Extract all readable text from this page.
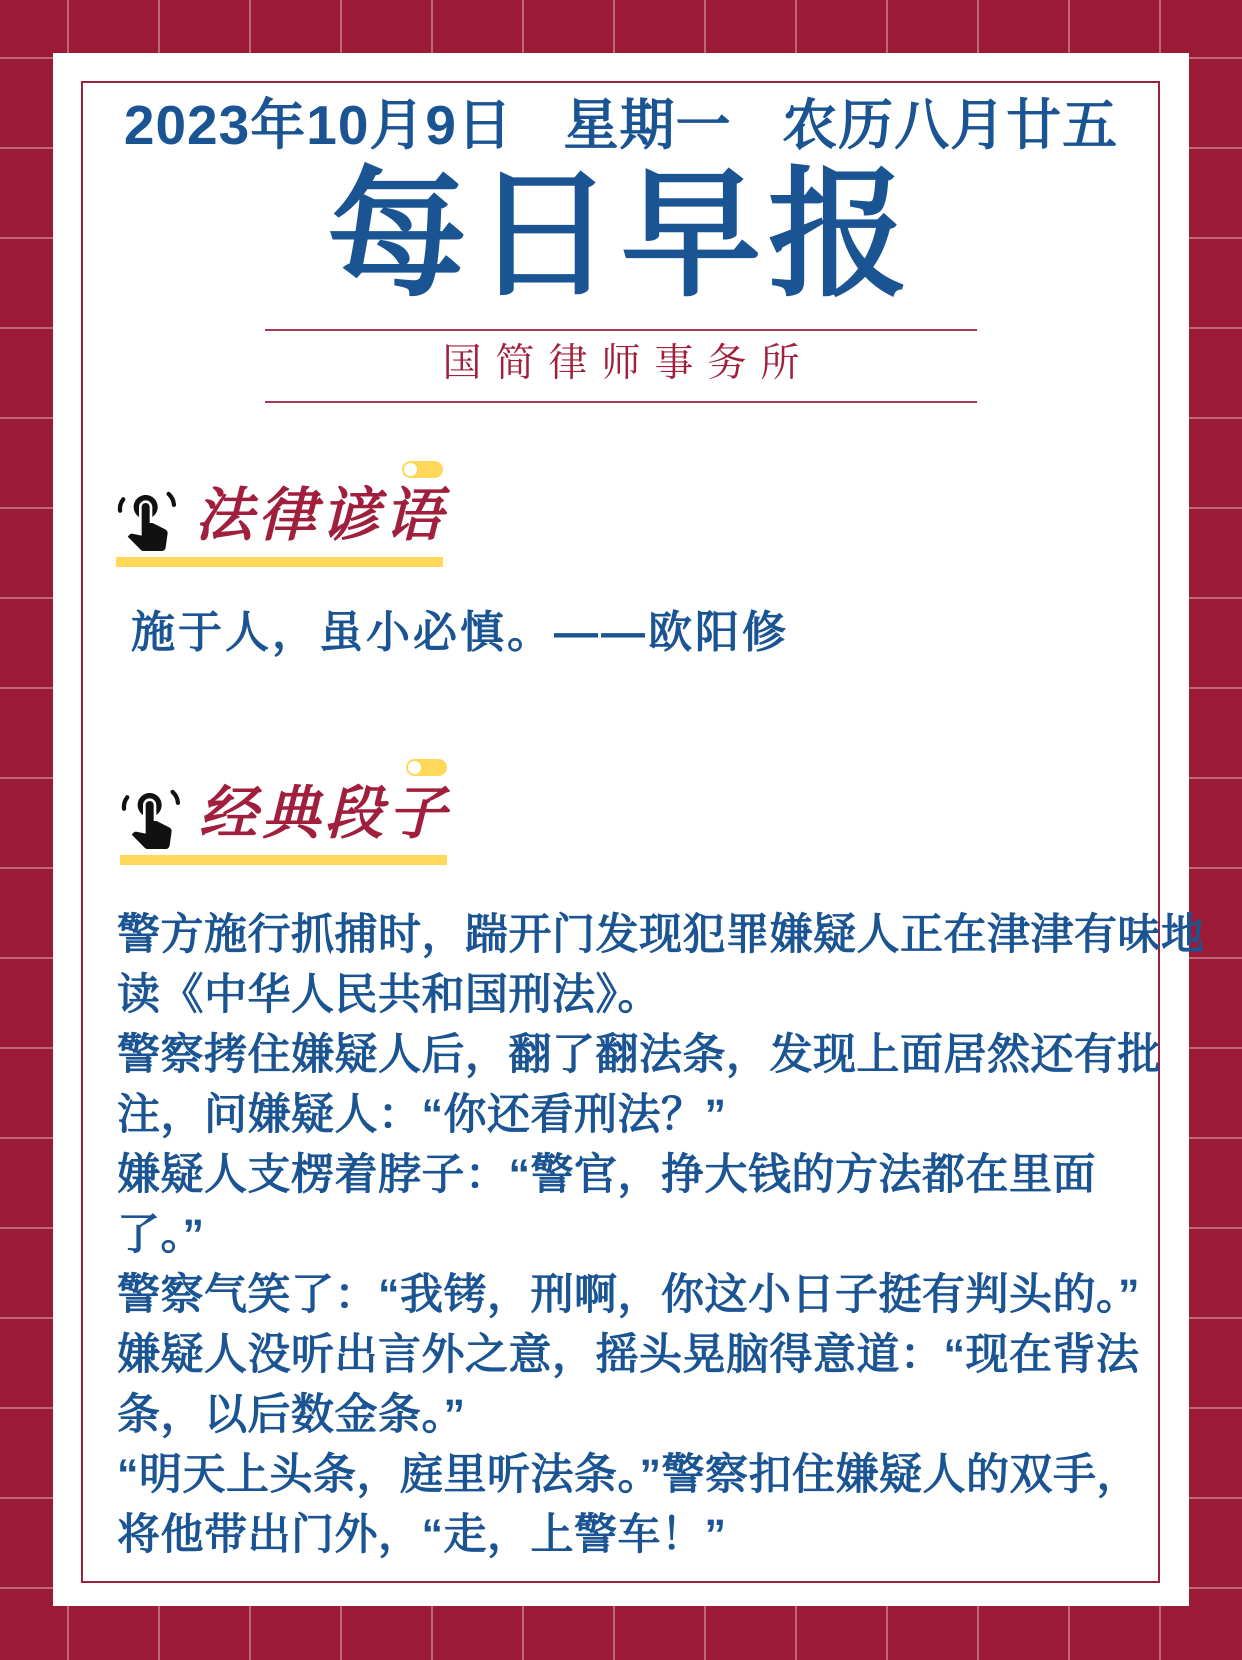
2023年10月9日  星期一  农历八月廿五
每日早报
国简律师事务所
法律谚语

施于人，虽小必慎。——欧阳修

经典段子
警方施行抓捕时，踹开门发现犯罪嫌疑人正在津津有味地
读《中华人民共和国刑法》。
警察拷住嫌疑人后，翻了翻法条，发现上面居然还有批
注，问嫌疑人：“你还看刑法？”
嫌疑人支楞着脖子：“警官，挣大钱的方法都在里面
了。”
警察气笑了：“我铐，刑啊，你这小日子挺有判头的。”
嫌疑人没听出言外之意，摇头晃脑得意道：“现在背法
条，以后数金条。”
“明天上头条，庭里听法条。”警察扣住嫌疑人的双手，
将他带出门外，“走，上警车！”
